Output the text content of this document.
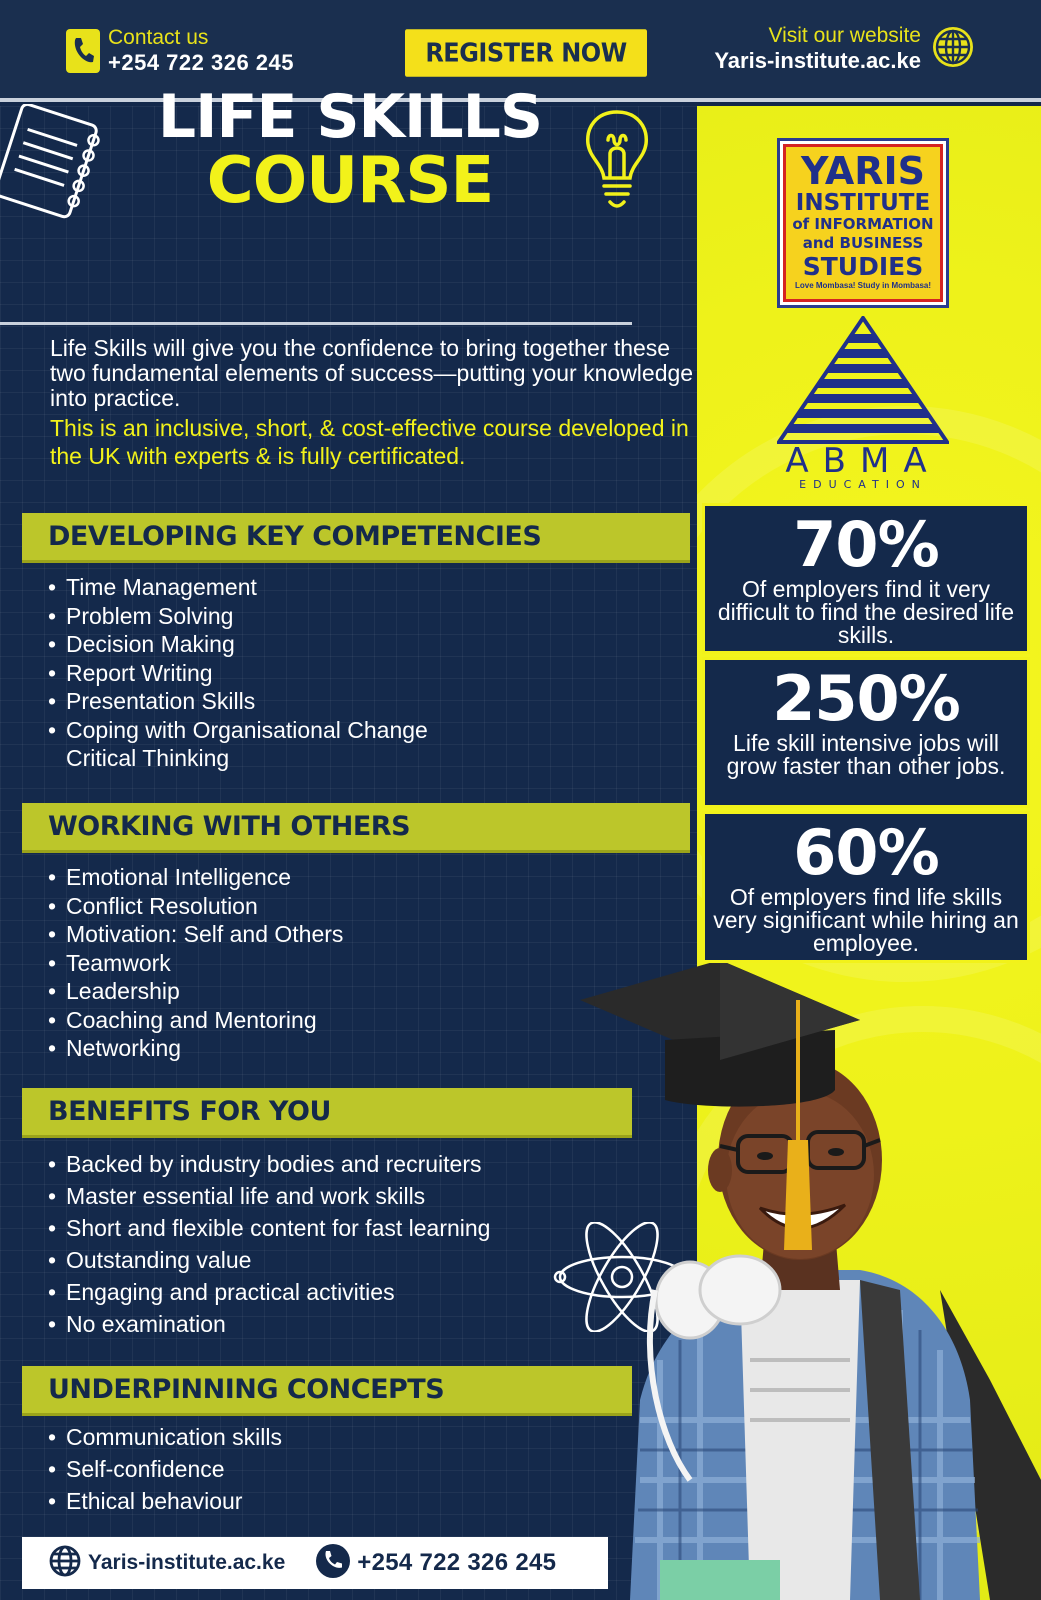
Contact us
+254 722 326 245	REGISTER NOW
Visit our website
Yaris-institute.ac.ke
LIFE SKILLS
COURSE

Life Skills will give you the confidence to bring together these two fundamental elements of success—putting your knowledge into practice.

This is an inclusive, short, & cost-effective course developed in the UK with experts & is fully certificated.

DEVELOPING KEY COMPETENCIES
• Time Management
• Problem Solving
• Decision Making
• Report Writing
• Presentation Skills
• Coping with Organisational Change
Critical Thinking
WORKING WITH OTHERS
• Emotional Intelligence
• Conflict Resolution
• Motivation: Self and Others
• Teamwork
• Leadership
• Coaching and Mentoring
• Networking
BENEFITS FOR YOU
• Backed by industry bodies and recruiters
• Master essential life and work skills
• Short and flexible content for fast learning
• Outstanding value
• Engaging and practical activities
• No examination
UNDERPINNING CONCEPTS
• Communication skills
• Self-confidence
• Ethical behaviour
YARIS
INSTITUTE
of INFORMATION
and BUSINESS
STUDIES
Love Mombasa! Study in Mombasa!
ABMA
EDUCATION
70%
Of employers find it very difficult to find the desired life skills.
250%
Life skill intensive jobs will grow faster than other jobs.
60%
Of employers find life skills very significant while hiring an employee.
Yaris-institute.ac.ke	+254 722 326 245
